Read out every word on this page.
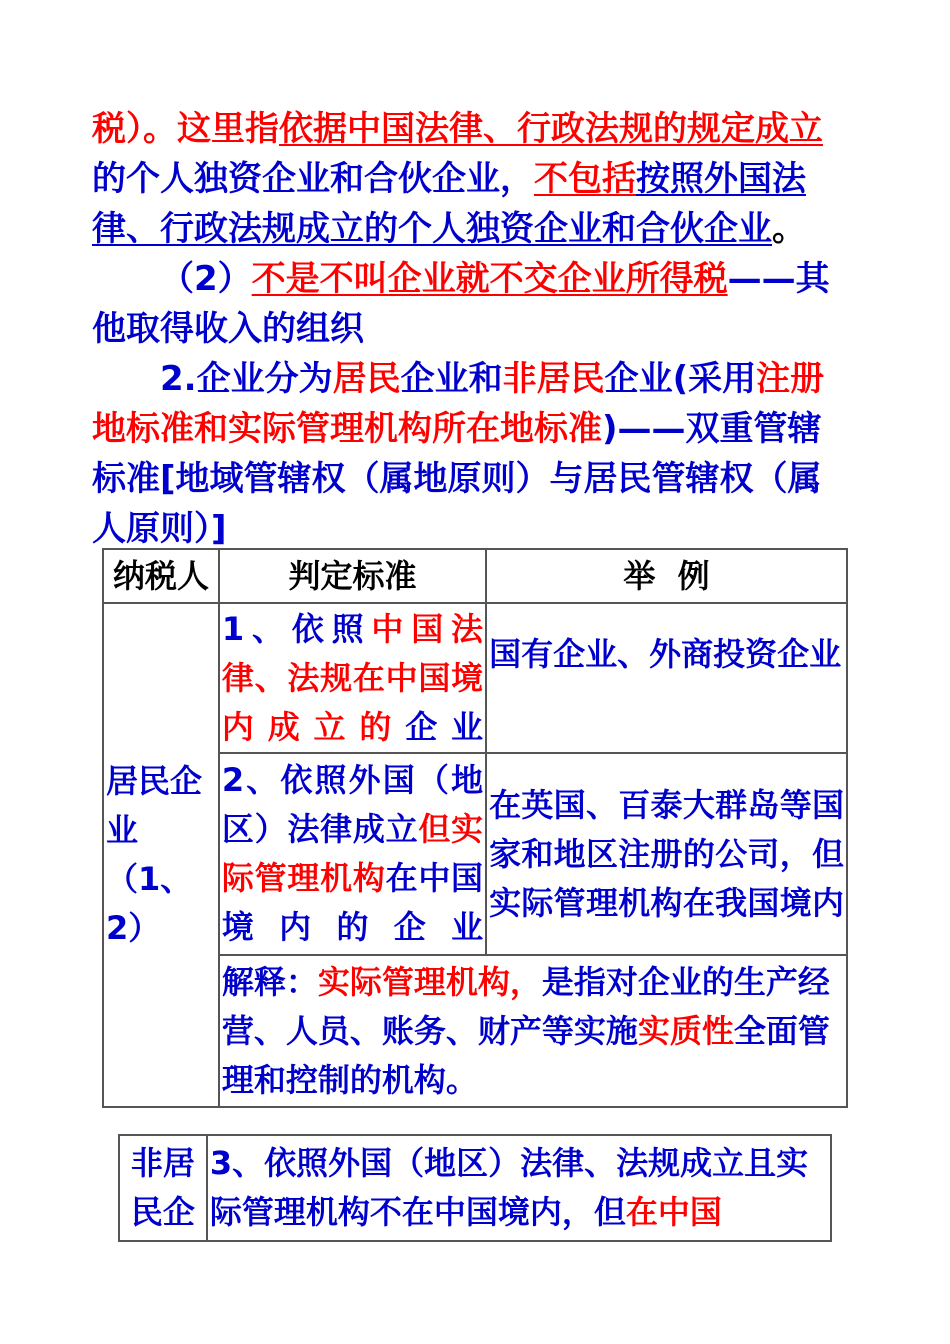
税）。这里指依据中国法律、行政法规的规定成立的个人独资企业和合伙企业，不包括按照外国法律、行政法规成立的个人独资企业和合伙企业。
（2）不是不叫企业就不交企业所得税——其他取得收入的组织
2.企业分为居民企业和非居民企业(采用注册地标准和实际管理机构所在地标准)——双重管辖标准[地域管辖权（属地原则）与居民管辖权（属人原则）]
纳税人	判定标准	举  例
居民企业（1、2）	1、依照中国法律、法规在中国境内成立的企业	国有企业、外商投资企业
	2、依照外国（地区）法律成立但实际管理机构在中国境内的企业	在英国、百泰大群岛等国家和地区注册的公司，但实际管理机构在我国境内
	解释：实际管理机构，是指对企业的生产经营、人员、账务、财产等实施实质性全面管理和控制的机构。	
非居民企	3、依照外国（地区）法律、法规成立且实际管理机构不在中国境内，但在中国
